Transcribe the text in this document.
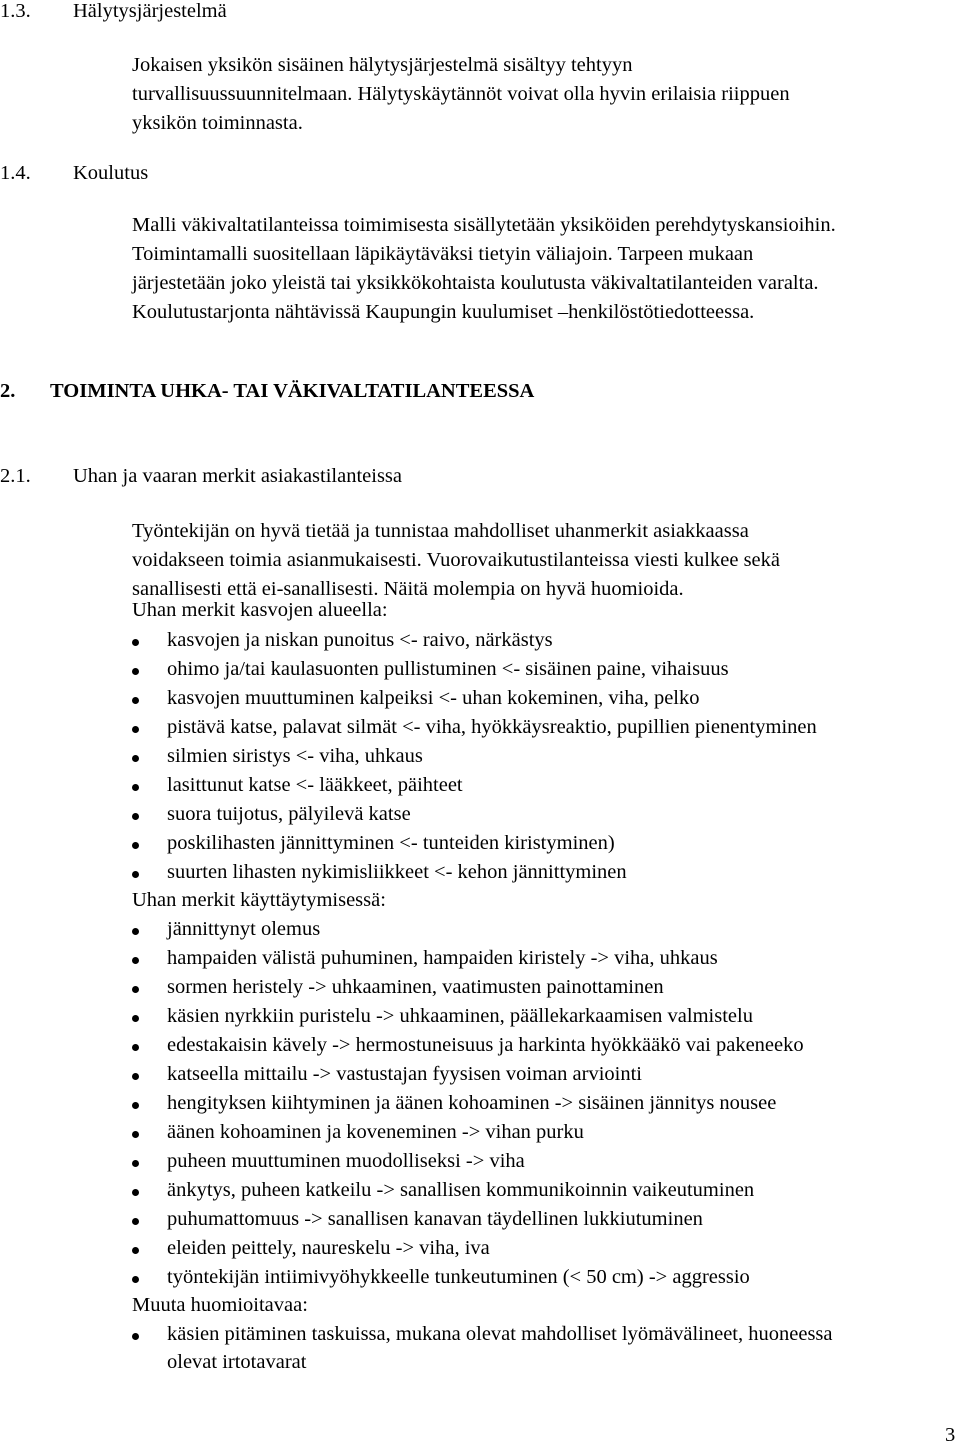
1.3. Hälytysjärjestelmä
Jokaisen yksikön sisäinen hälytysjärjestelmä sisältyy tehtyyn
turvallisuussuunnitelmaan. Hälytyskäytännöt voivat olla hyvin erilaisia riippuen
yksikön toiminnasta.
1.4. Koulutus
Malli väkivaltatilanteissa toimimisesta sisällytetään yksiköiden perehdytyskansioihin.
Toimintamalli suositellaan läpikäytäväksi tietyin väliajoin. Tarpeen mukaan
järjestetään joko yleistä tai yksikkökohtaista koulutusta väkivaltatilanteiden varalta.
Koulutustarjonta nähtävissä Kaupungin kuulumiset –henkilöstötiedotteessa.
2. TOIMINTA UHKA- TAI VÄKIVALTATILANTEESSA
2.1. Uhan ja vaaran merkit asiakastilanteissa
Työntekijän on hyvä tietää ja tunnistaa mahdolliset uhanmerkit asiakkaassa
voidakseen toimia asianmukaisesti. Vuorovaikutustilanteissa viesti kulkee sekä
sanallisesti että ei-sanallisesti. Näitä molempia on hyvä huomioida.
Uhan merkit kasvojen alueella:
kasvojen ja niskan punoitus <- raivo, närkästys
ohimo ja/tai kaulasuonten pullistuminen <- sisäinen paine, vihaisuus
kasvojen muuttuminen kalpeiksi <- uhan kokeminen, viha, pelko
pistävä katse, palavat silmät <- viha, hyökkäysreaktio, pupillien pienentyminen
silmien siristys <- viha, uhkaus
lasittunut katse <- lääkkeet, päihteet
suora tuijotus, pälyilevä katse
poskilihasten jännittyminen <- tunteiden kiristyminen)
suurten lihasten nykimisliikkeet <- kehon jännittyminen
Uhan merkit käyttäytymisessä:
jännittynyt olemus
hampaiden välistä puhuminen, hampaiden kiristely -> viha, uhkaus
sormen heristely -> uhkaaminen, vaatimusten painottaminen
käsien nyrkkiin puristelu -> uhkaaminen, päällekarkaamisen valmistelu
edestakaisin kävely -> hermostuneisuus ja harkinta hyökkääkö vai pakeneeko
katseella mittailu -> vastustajan fyysisen voiman arviointi
hengityksen kiihtyminen ja äänen kohoaminen -> sisäinen jännitys nousee
äänen kohoaminen ja koveneminen -> vihan purku
puheen muuttuminen muodolliseksi -> viha
änkytys, puheen katkeilu -> sanallisen kommunikoinnin vaikeutuminen
puhumattomuus -> sanallisen kanavan täydellinen lukkiutuminen
eleiden peittely, naureskelu -> viha, iva
työntekijän intiimivyöhykkeelle tunkeutuminen (< 50 cm) -> aggressio
Muuta huomioitavaa:
käsien pitäminen taskuissa, mukana olevat mahdolliset lyömävälineet, huoneessa
olevat irtotavarat
3
